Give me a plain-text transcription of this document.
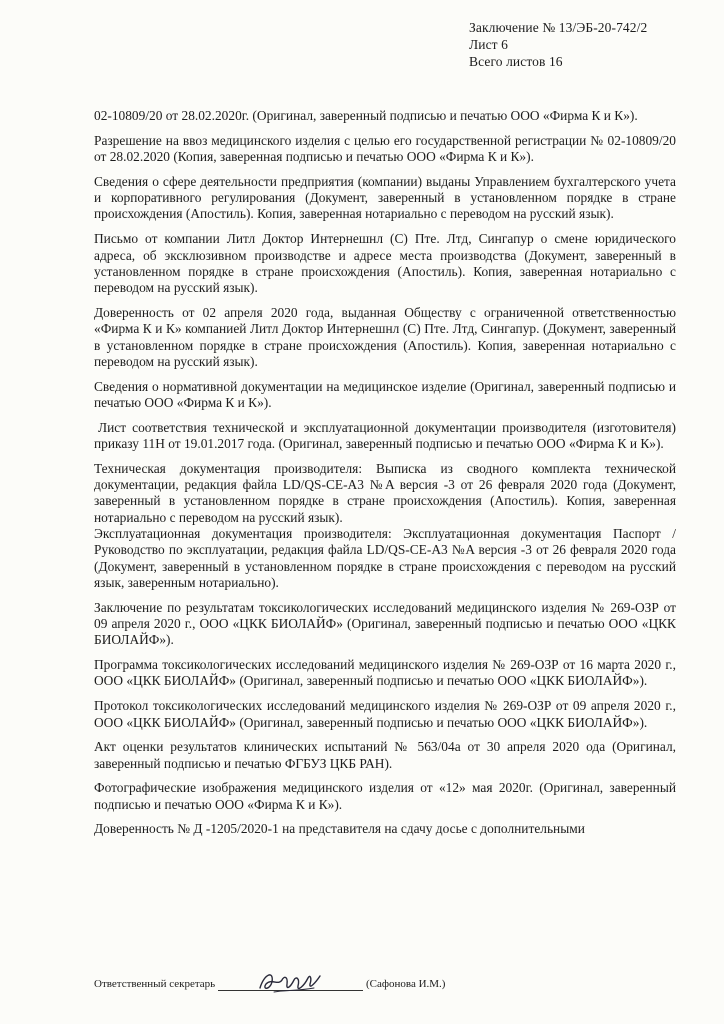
Заключение № 13/ЭБ-20-742/2
Лист 6
Всего листов 16

02-10809/20 от 28.02.2020г. (Оригинал, заверенный подписью и печатью ООО «Фирма К и К»).

Разрешение на ввоз медицинского изделия с целью его государственной регистрации № 02-10809/20 от 28.02.2020 (Копия, заверенная подписью и печатью ООО «Фирма К и К»).

Сведения о сфере деятельности предприятия (компании) выданы Управлением бухгалтерского учета и корпоративного регулирования (Документ, заверенный в установленном порядке в стране происхождения (Апостиль). Копия, заверенная нотариально с переводом на русский язык).

Письмо от компании Литл Доктор Интернешнл (С) Пте. Лтд, Сингапур о смене юридического адреса, об эксклюзивном производстве и адресе места производства (Документ, заверенный в установленном порядке в стране происхождения (Апостиль). Копия, заверенная нотариально с переводом на русский язык).

Доверенность от 02 апреля 2020 года, выданная Обществу с ограниченной ответственностью «Фирма К и К» компанией Литл Доктор Интернешнл (С) Пте. Лтд, Сингапур. (Документ, заверенный в установленном порядке в стране происхождения (Апостиль). Копия, заверенная нотариально с переводом на русский язык).

Сведения о нормативной документации на медицинское изделие (Оригинал, заверенный подписью и печатью ООО «Фирма К и К»).

Лист соответствия технической и эксплуатационной документации производителя (изготовителя) приказу 11Н от 19.01.2017 года. (Оригинал, заверенный подписью и печатью ООО «Фирма К и К»).

Техническая документация производителя: Выписка из сводного комплекта технической документации, редакция файла LD/QS-CE-A3 №A версия -3 от 26 февраля 2020 года (Документ, заверенный в установленном порядке в стране происхождения (Апостиль). Копия, заверенная нотариально с переводом на русский язык).

Эксплуатационная документация производителя: Эксплуатационная документация Паспорт / Руководство по эксплуатации, редакция файла LD/QS-CE-A3 №A версия -3 от 26 февраля 2020 года (Документ, заверенный в установленном порядке в стране происхождения с переводом на русский язык, заверенным нотариально).

Заключение по результатам токсикологических исследований медицинского изделия № 269-ОЗР от 09 апреля 2020 г., ООО «ЦКК БИОЛАЙФ» (Оригинал, заверенный подписью и печатью ООО «ЦКК БИОЛАЙФ»).

Программа токсикологических исследований медицинского изделия № 269-ОЗР от 16 марта 2020 г., ООО «ЦКК БИОЛАЙФ» (Оригинал, заверенный подписью и печатью ООО «ЦКК БИОЛАЙФ»).

Протокол токсикологических исследований медицинского изделия № 269-ОЗР от 09 апреля 2020 г., ООО «ЦКК БИОЛАЙФ» (Оригинал, заверенный подписью и печатью ООО «ЦКК БИОЛАЙФ»).

Акт оценки результатов клинических испытаний № 563/04а от 30 апреля 2020 ода (Оригинал, заверенный подписью и печатью ФГБУЗ ЦКБ РАН).

Фотографические изображения медицинского изделия от «12» мая 2020г. (Оригинал, заверенный подписью и печатью ООО «Фирма К и К»).

Доверенность № Д -1205/2020-1 на представителя на сдачу досье с дополнительными

Ответственный секретарь	(Сафонова И.М.)
